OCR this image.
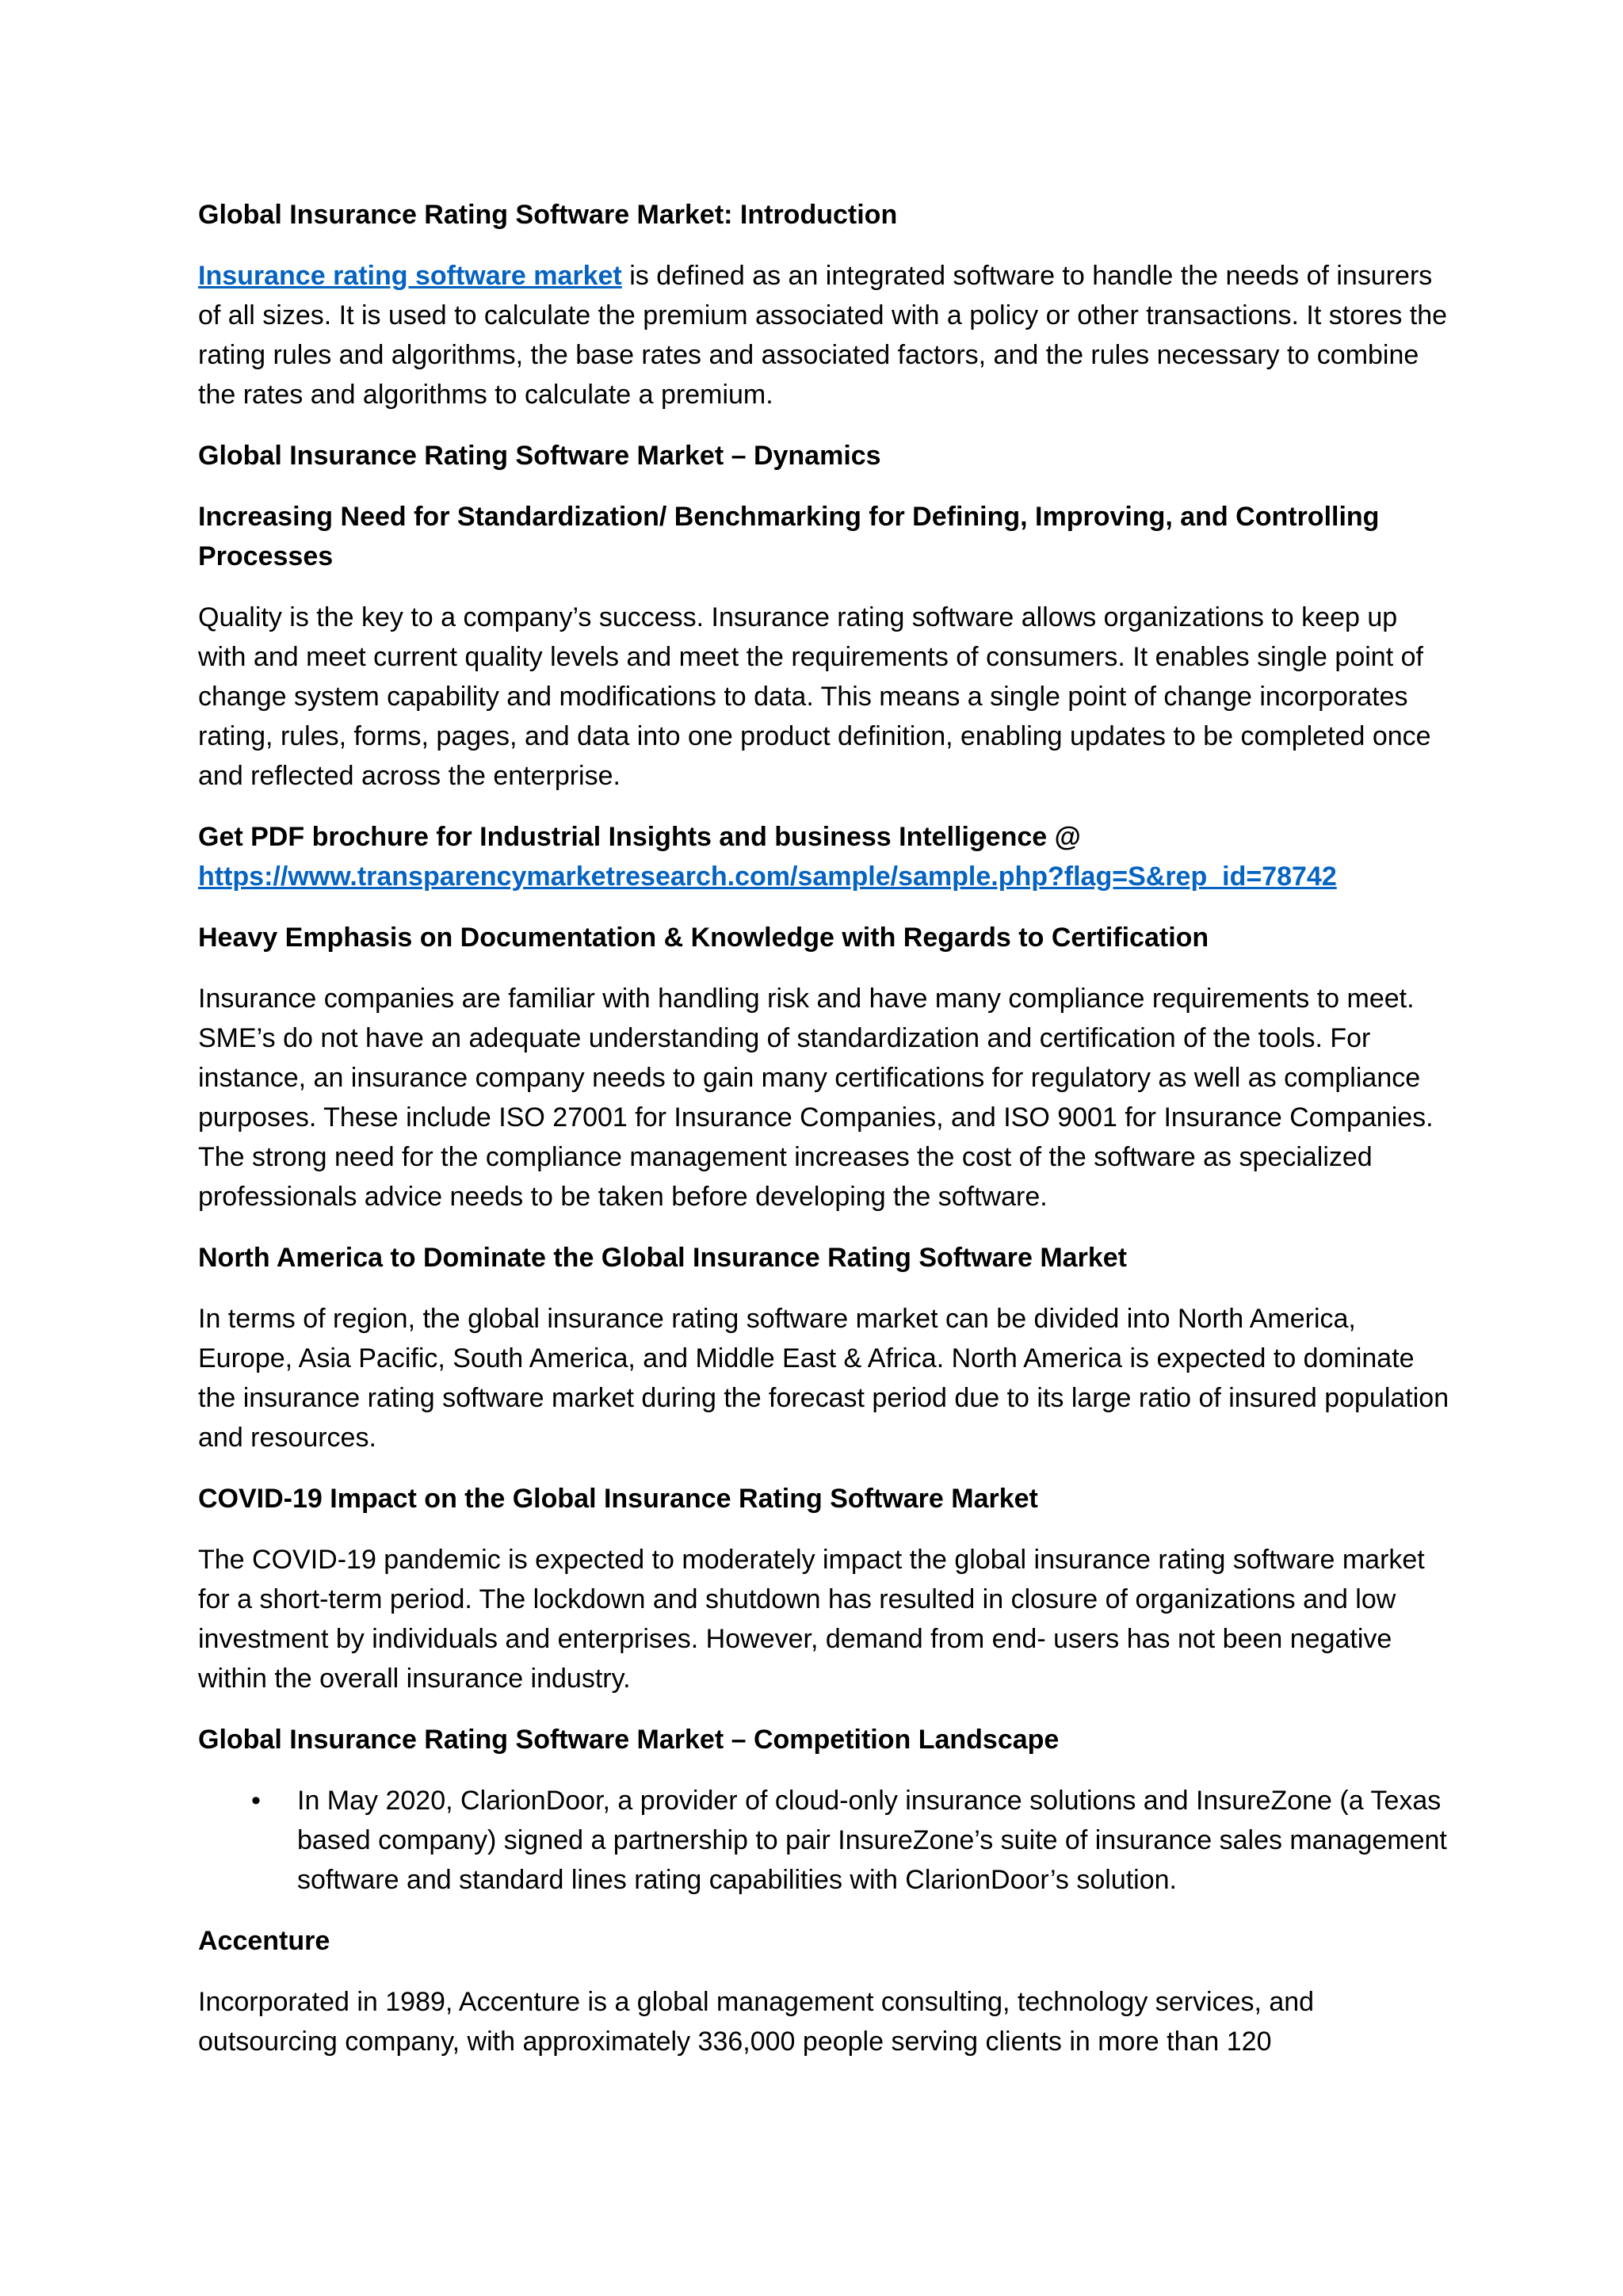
Global Insurance Rating Software Market: Introduction

Insurance rating software market is defined as an integrated software to handle the needs of insurers of all sizes. It is used to calculate the premium associated with a policy or other transactions. It stores the rating rules and algorithms, the base rates and associated factors, and the rules necessary to combine the rates and algorithms to calculate a premium.

Global Insurance Rating Software Market – Dynamics

Increasing Need for Standardization/ Benchmarking for Defining, Improving, and Controlling Processes

Quality is the key to a company’s success. Insurance rating software allows organizations to keep up with and meet current quality levels and meet the requirements of consumers. It enables single point of change system capability and modifications to data. This means a single point of change incorporates rating, rules, forms, pages, and data into one product definition, enabling updates to be completed once and reflected across the enterprise.

Get PDF brochure for Industrial Insights and business Intelligence @
https://www.transparencymarketresearch.com/sample/sample.php?flag=S&rep_id=78742

Heavy Emphasis on Documentation & Knowledge with Regards to Certification

Insurance companies are familiar with handling risk and have many compliance requirements to meet. SME’s do not have an adequate understanding of standardization and certification of the tools. For instance, an insurance company needs to gain many certifications for regulatory as well as compliance purposes. These include ISO 27001 for Insurance Companies, and ISO 9001 for Insurance Companies. The strong need for the compliance management increases the cost of the software as specialized professionals advice needs to be taken before developing the software.

North America to Dominate the Global Insurance Rating Software Market

In terms of region, the global insurance rating software market can be divided into North America, Europe, Asia Pacific, South America, and Middle East & Africa. North America is expected to dominate the insurance rating software market during the forecast period due to its large ratio of insured population and resources.

COVID-19 Impact on the Global Insurance Rating Software Market

The COVID-19 pandemic is expected to moderately impact the global insurance rating software market for a short-term period. The lockdown and shutdown has resulted in closure of organizations and low investment by individuals and enterprises. However, demand from end- users has not been negative within the overall insurance industry.

Global Insurance Rating Software Market – Competition Landscape

• In May 2020, ClarionDoor, a provider of cloud-only insurance solutions and InsureZone (a Texas based company) signed a partnership to pair InsureZone’s suite of insurance sales management software and standard lines rating capabilities with ClarionDoor’s solution.

Accenture

Incorporated in 1989, Accenture is a global management consulting, technology services, and outsourcing company, with approximately 336,000 people serving clients in more than 120
